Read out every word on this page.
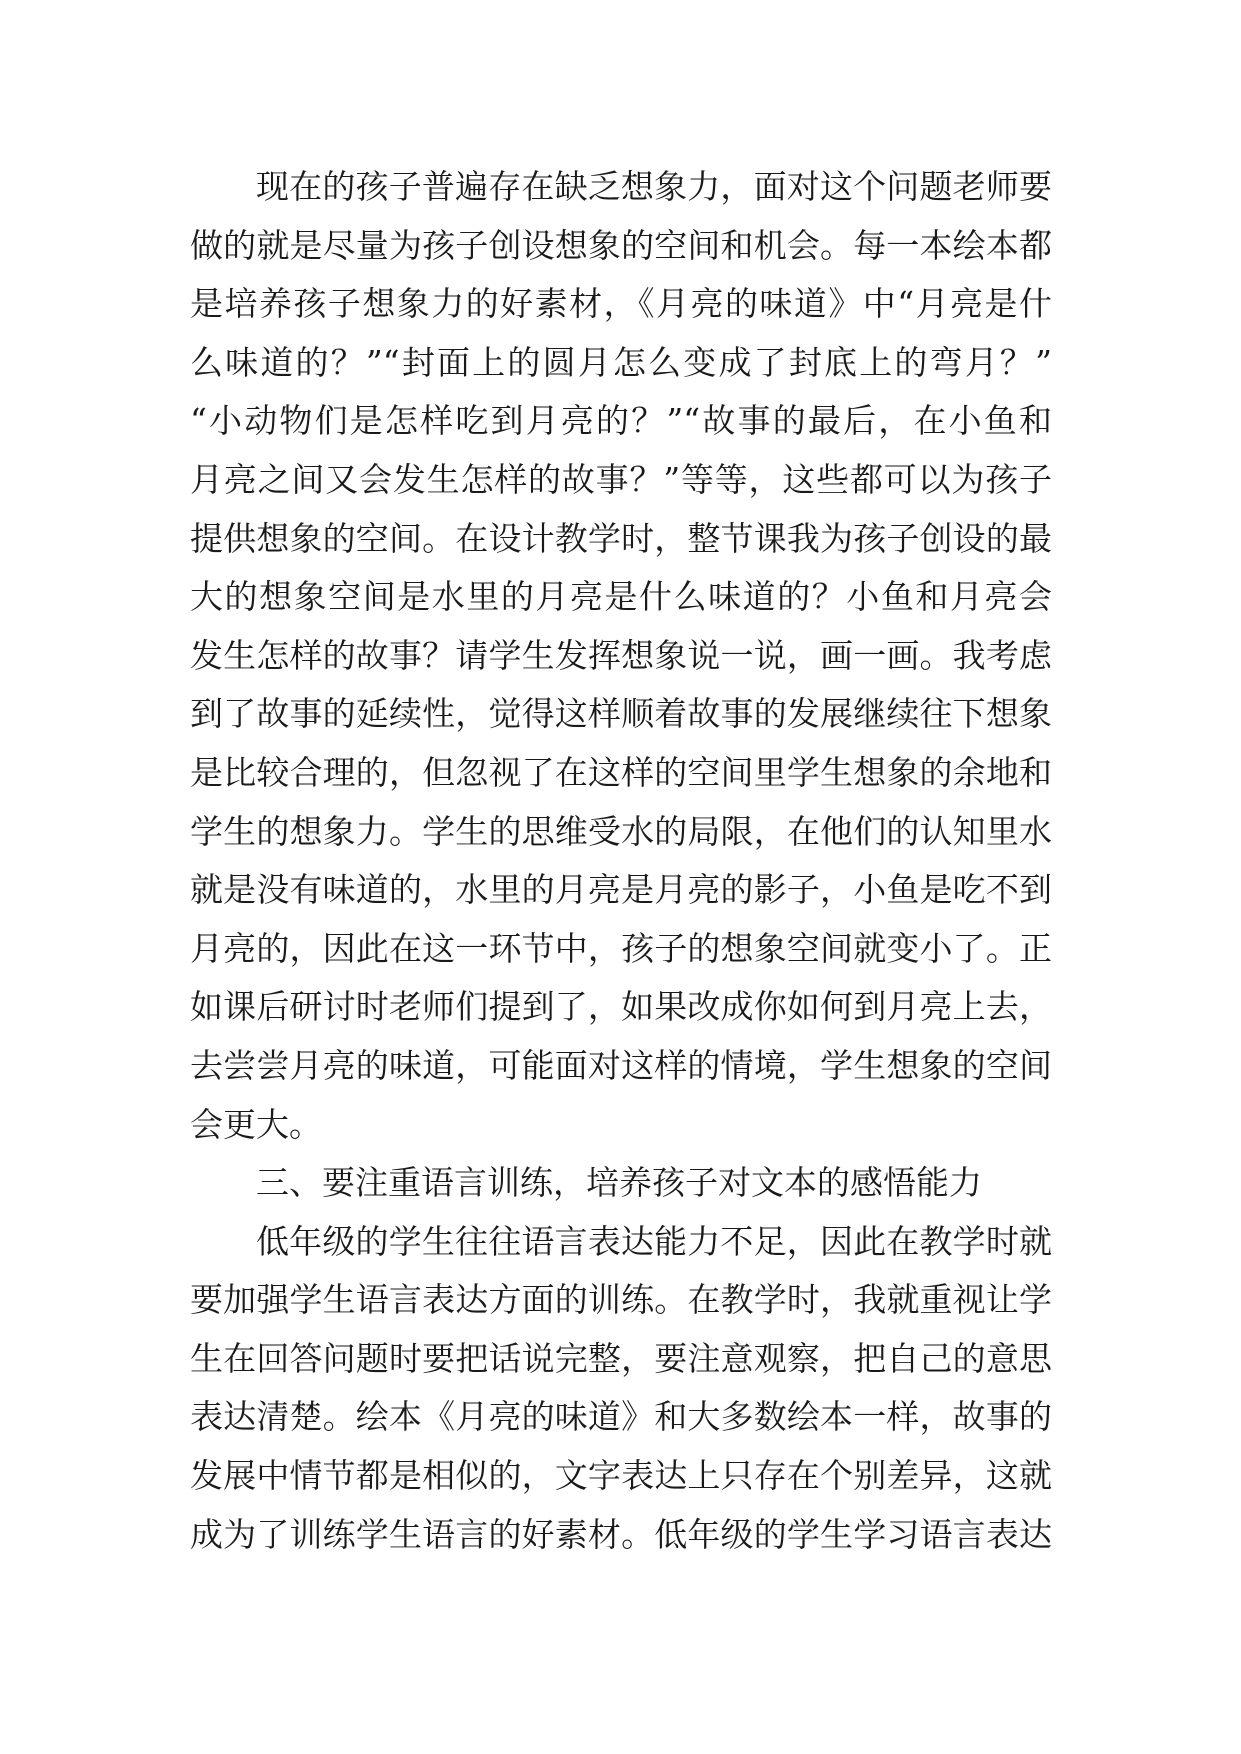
现在的孩子普遍存在缺乏想象力，面对这个问题老师要
做的就是尽量为孩子创设想象的空间和机会。每一本绘本都
是培养孩子想象力的好素材，《月亮的味道》中“月亮是什
么味道的？”“封面上的圆月怎么变成了封底上的弯月？”
“小动物们是怎样吃到月亮的？”“故事的最后，在小鱼和
月亮之间又会发生怎样的故事？”等等，这些都可以为孩子
提供想象的空间。在设计教学时，整节课我为孩子创设的最
大的想象空间是水里的月亮是什么味道的？小鱼和月亮会
发生怎样的故事？请学生发挥想象说一说，画一画。我考虑
到了故事的延续性，觉得这样顺着故事的发展继续往下想象
是比较合理的，但忽视了在这样的空间里学生想象的余地和
学生的想象力。学生的思维受水的局限，在他们的认知里水
就是没有味道的，水里的月亮是月亮的影子，小鱼是吃不到
月亮的，因此在这一环节中，孩子的想象空间就变小了。正
如课后研讨时老师们提到了，如果改成你如何到月亮上去，
去尝尝月亮的味道，可能面对这样的情境，学生想象的空间
会更大。
三、要注重语言训练，培养孩子对文本的感悟能力
低年级的学生往往语言表达能力不足，因此在教学时就
要加强学生语言表达方面的训练。在教学时，我就重视让学
生在回答问题时要把话说完整，要注意观察，把自己的意思
表达清楚。绘本《月亮的味道》和大多数绘本一样，故事的
发展中情节都是相似的，文字表达上只存在个别差异，这就
成为了训练学生语言的好素材。低年级的学生学习语言表达
